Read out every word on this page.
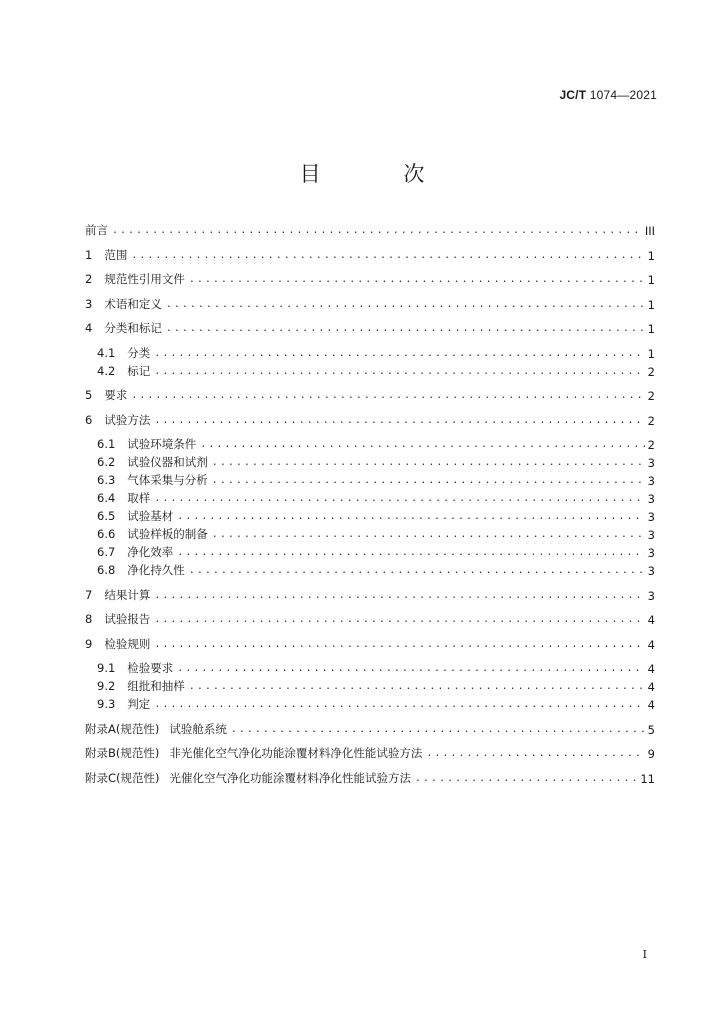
JC/T 1074—2021
目 次
前言 .....	III
1 范围 .....	1
2 规范性引用文件 .....	1
3 术语和定义 .....	1
4 分类和标记 .....	1
4.1 分类 .....	1
4.2 标记 .....	2
5 要求 .....	2
6 试验方法 .....	2
6.1 试验环境条件 .....	2
6.2 试验仪器和试剂 .....	3
6.3 气体采集与分析 .....	3
6.4 取样 .....	3
6.5 试验基材 .....	3
6.6 试验样板的制备 .....	3
6.7 净化效率 .....	3
6.8 净化持久性 .....	3
7 结果计算 .....	3
8 试验报告 .....	4
9 检验规则 .....	4
9.1 检验要求 .....	4
9.2 组批和抽样 .....	4
9.3 判定 .....	4
附录A(规范性) 试验舱系统 .....	5
附录B(规范性) 非光催化空气净化功能涂覆材料净化性能试验方法 .....	9
附录C(规范性) 光催化空气净化功能涂覆材料净化性能试验方法 .....	11
I
